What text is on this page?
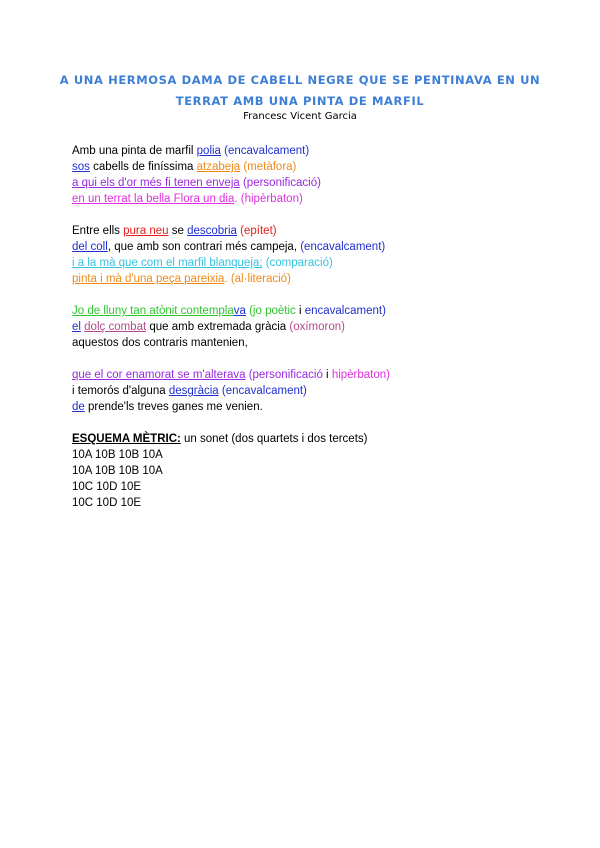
A UNA HERMOSA DAMA DE CABELL NEGRE QUE SE PENTINAVA EN UN
TERRAT AMB UNA PINTA DE MARFIL
Francesc Vicent Garcia
Amb una pinta de marfil polia (encavalcament)
sos cabells de finíssima atzabeja (metàfora)
a qui els d'or més fi tenen enveja (personificació)
en un terrat la bella Flora un dia. (hipèrbaton)
Entre ells pura neu se descobria (epítet)
del coll, que amb son contrari més campeja, (encavalcament)
i a la mà que com el marfil blanqueja; (comparació)
pinta i mà d'una peça pareixia. (al·literació)
Jo de lluny tan atònit contemplava (jo poètic i encavalcament)
el dolç combat que amb extremada gràcia (oxímoron)
aquestos dos contraris mantenien,
que el cor enamorat se m'alterava (personificació i hipèrbaton)
i temorós d'alguna desgràcia (encavalcament)
de prende'ls treves ganes me venien.
ESQUEMA MÈTRIC: un sonet (dos quartets i dos tercets)
10A 10B 10B 10A
10A 10B 10B 10A
10C 10D 10E
10C 10D 10E
